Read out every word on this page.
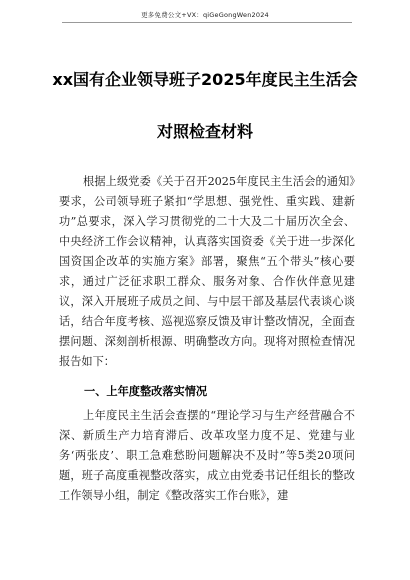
更多免费公文+VX：qiGeGongWen2024
xx国有企业领导班子2025年度民主生活会
对照检查材料

根据上级党委《关于召开2025年度民主生活会的通知》要求，公司领导班子紧扣“学思想、强党性、重实践、建新功”总要求，深入学习贯彻党的二十大及二十届历次全会、中央经济工作会议精神，认真落实国资委《关于进一步深化国资国企改革的实施方案》部署，聚焦“五个带头”核心要求，通过广泛征求职工群众、服务对象、合作伙伴意见建议，深入开展班子成员之间、与中层干部及基层代表谈心谈话，结合年度考核、巡视巡察反馈及审计整改情况，全面查摆问题、深刻剖析根源、明确整改方向。现将对照检查情况报告如下：

一、上年度整改落实情况

上年度民主生活会查摆的“理论学习与生产经营融合不深、新质生产力培育滞后、改革攻坚力度不足、党建与业务‘两张皮’、职工急难愁盼问题解决不及时”等5类20项问题，班子高度重视整改落实，成立由党委书记任组长的整改工作领导小组，制定《整改落实工作台账》，建
